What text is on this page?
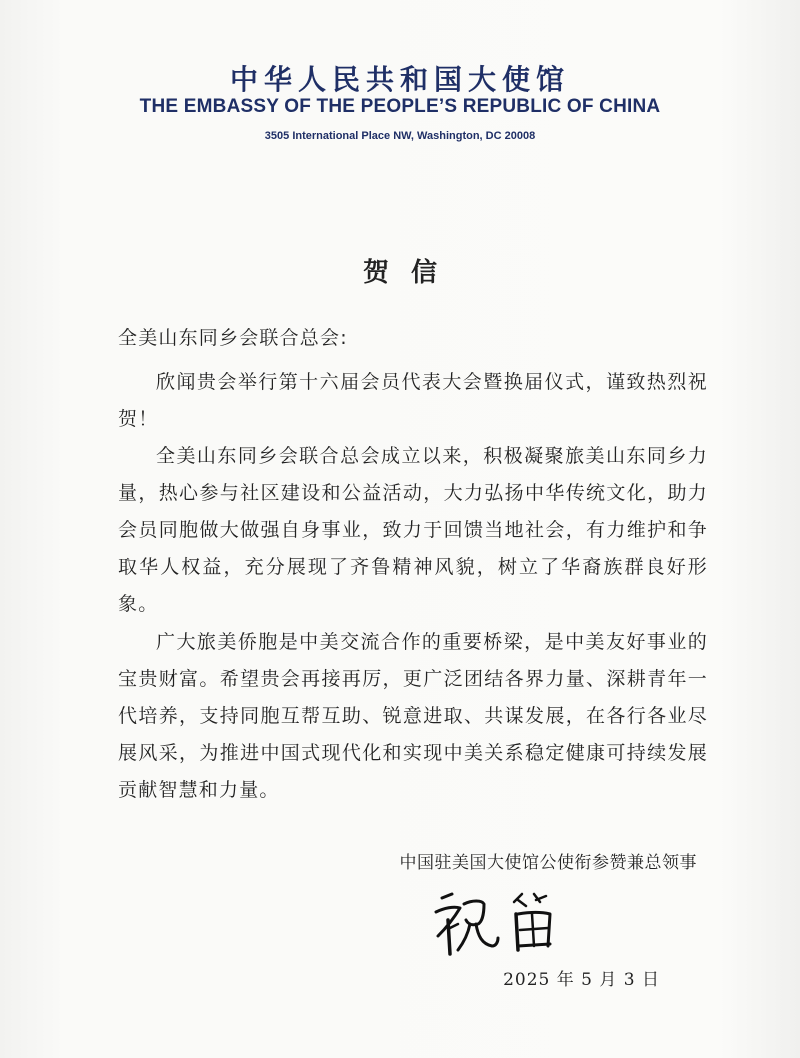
中华人民共和国大使馆
THE EMBASSY OF THE PEOPLE’S REPUBLIC OF CHINA
3505 International Place NW, Washington, DC 20008
贺信
全美山东同乡会联合总会:

欣闻贵会举行第十六届会员代表大会暨换届仪式，谨致热烈祝贺！

全美山东同乡会联合总会成立以来，积极凝聚旅美山东同乡力量，热心参与社区建设和公益活动，大力弘扬中华传统文化，助力会员同胞做大做强自身事业，致力于回馈当地社会，有力维护和争取华人权益，充分展现了齐鲁精神风貌，树立了华裔族群良好形象。

广大旅美侨胞是中美交流合作的重要桥梁，是中美友好事业的宝贵财富。希望贵会再接再厉，更广泛团结各界力量、深耕青年一代培养，支持同胞互帮互助、锐意进取、共谋发展，在各行各业尽展风采，为推进中国式现代化和实现中美关系稳定健康可持续发展贡献智慧和力量。

中国驻美国大使馆公使衔参赞兼总领事
2025 年 5 月 3 日
